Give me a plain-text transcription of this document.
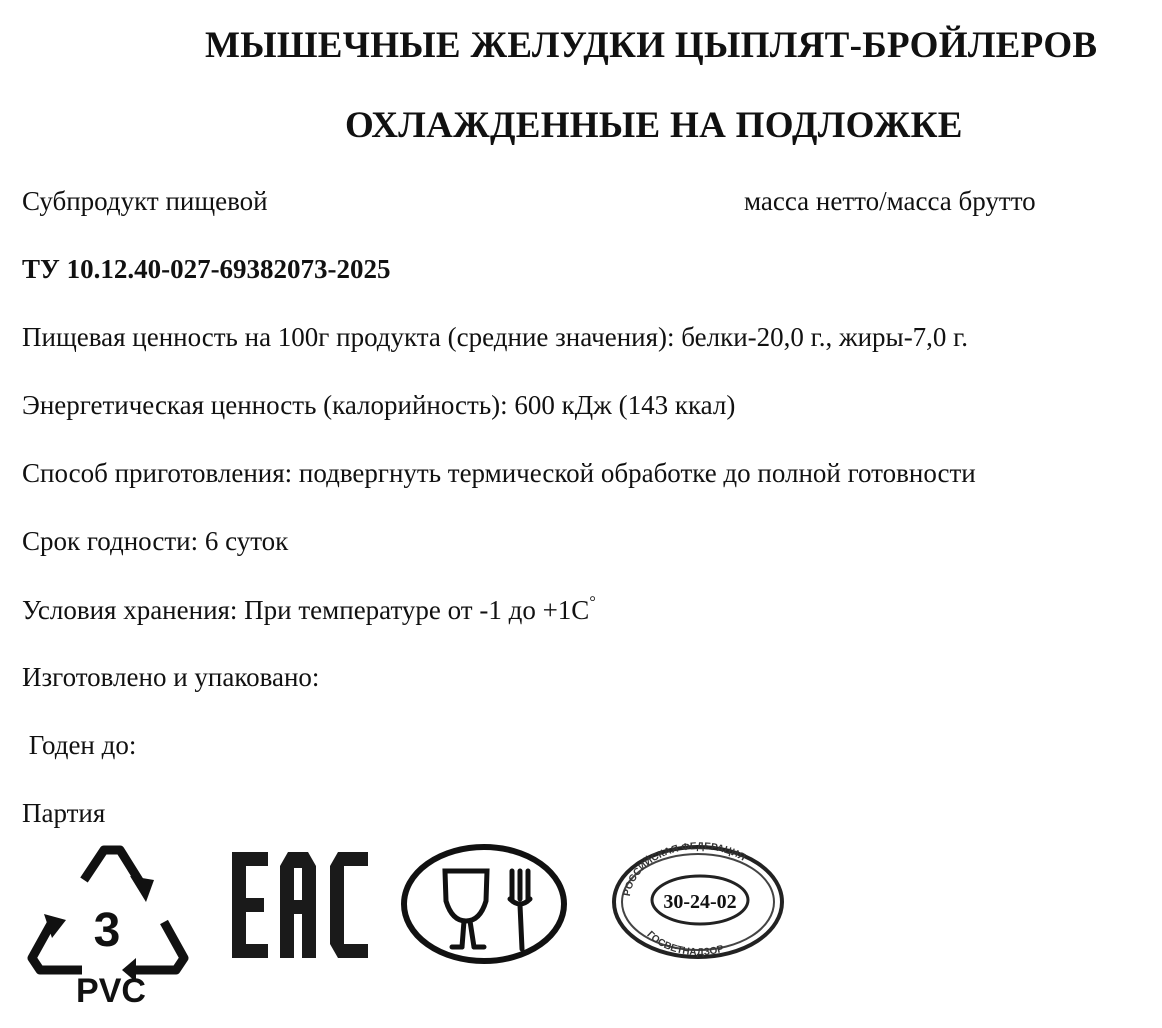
МЫШЕЧНЫЕ ЖЕЛУДКИ ЦЫПЛЯТ-БРОЙЛЕРОВ
ОХЛАЖДЕННЫЕ НА ПОДЛОЖКЕ
Субпродукт пищевой	масса нетто/масса брутто
ТУ 10.12.40-027-69382073-2025
Пищевая ценность на 100г продукта (средние значения): белки-20,0 г., жиры-7,0 г.
Энергетическая ценность (калорийность): 600 кДж (143 ккал)
Способ приготовления: подвергнуть термической обработке до полной готовности
Срок годности: 6 суток
Условия хранения: При температуре от -1 до +1С°
Изготовлено и упаковано:
Годен до:
Партия
3
PVC
РОССИЙСКАЯ ФЕДЕРАЦИЯ
ГОСВЕТНАДЗОР
30-24-02
